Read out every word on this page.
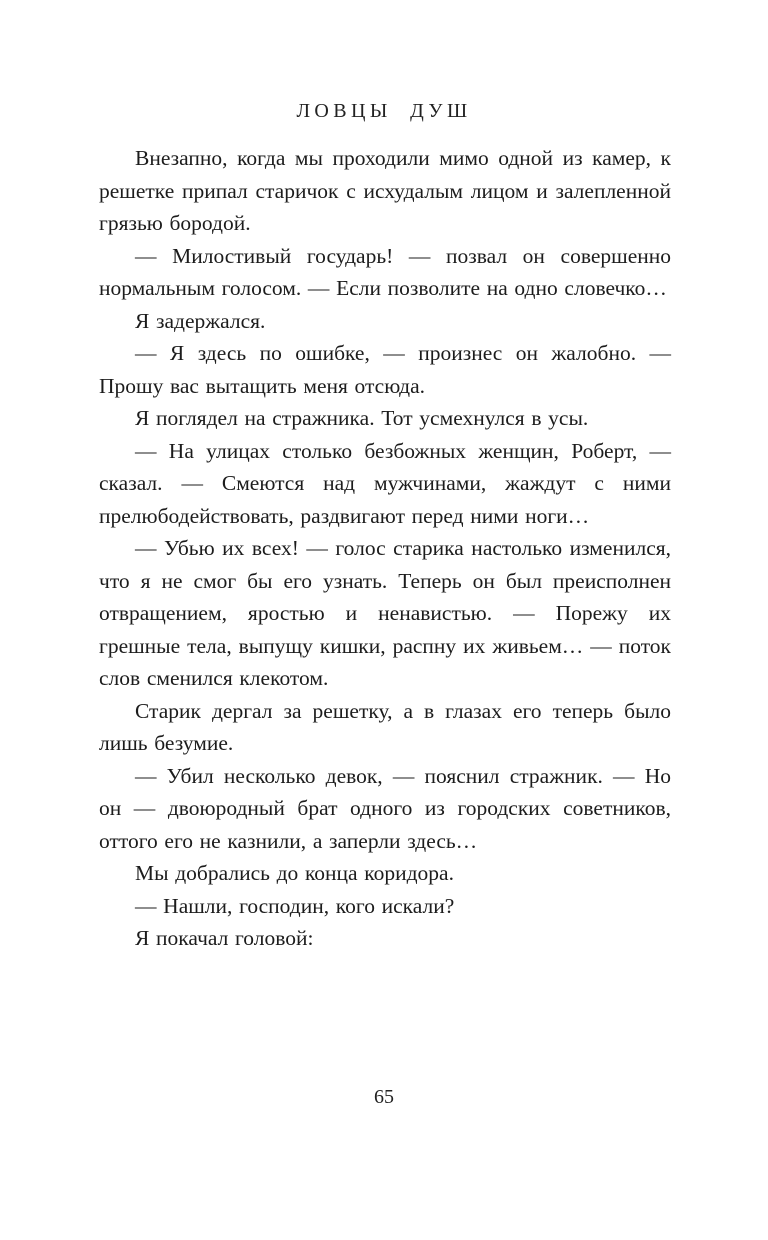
ЛОВЦЫ ДУШ

Внезапно, когда мы проходили мимо одной из камер, к решетке припал старичок с исхудалым лицом и залепленной грязью бородой.

— Милостивый государь! — позвал он совершенно нормальным голосом. — Если позволите на одно словечко…

Я задержался.

— Я здесь по ошибке, — произнес он жалобно. — Прошу вас вытащить меня отсюда.

Я поглядел на стражника. Тот усмехнулся в усы.

— На улицах столько безбожных женщин, Роберт, — сказал. — Смеются над мужчинами, жаждут с ними прелюбодействовать, раздвигают перед ними ноги…

— Убью их всех! — голос старика настолько изменился, что я не смог бы его узнать. Теперь он был преисполнен отвращением, яростью и ненавистью. — Порежу их грешные тела, выпущу кишки, распну их живьем… — поток слов сменился клекотом.

Старик дергал за решетку, а в глазах его теперь было лишь безумие.

— Убил несколько девок, — пояснил стражник. — Но он — двоюродный брат одного из городских советников, оттого его не казнили, а заперли здесь…

Мы добрались до конца коридора.

— Нашли, господин, кого искали?

Я покачал головой:

65
